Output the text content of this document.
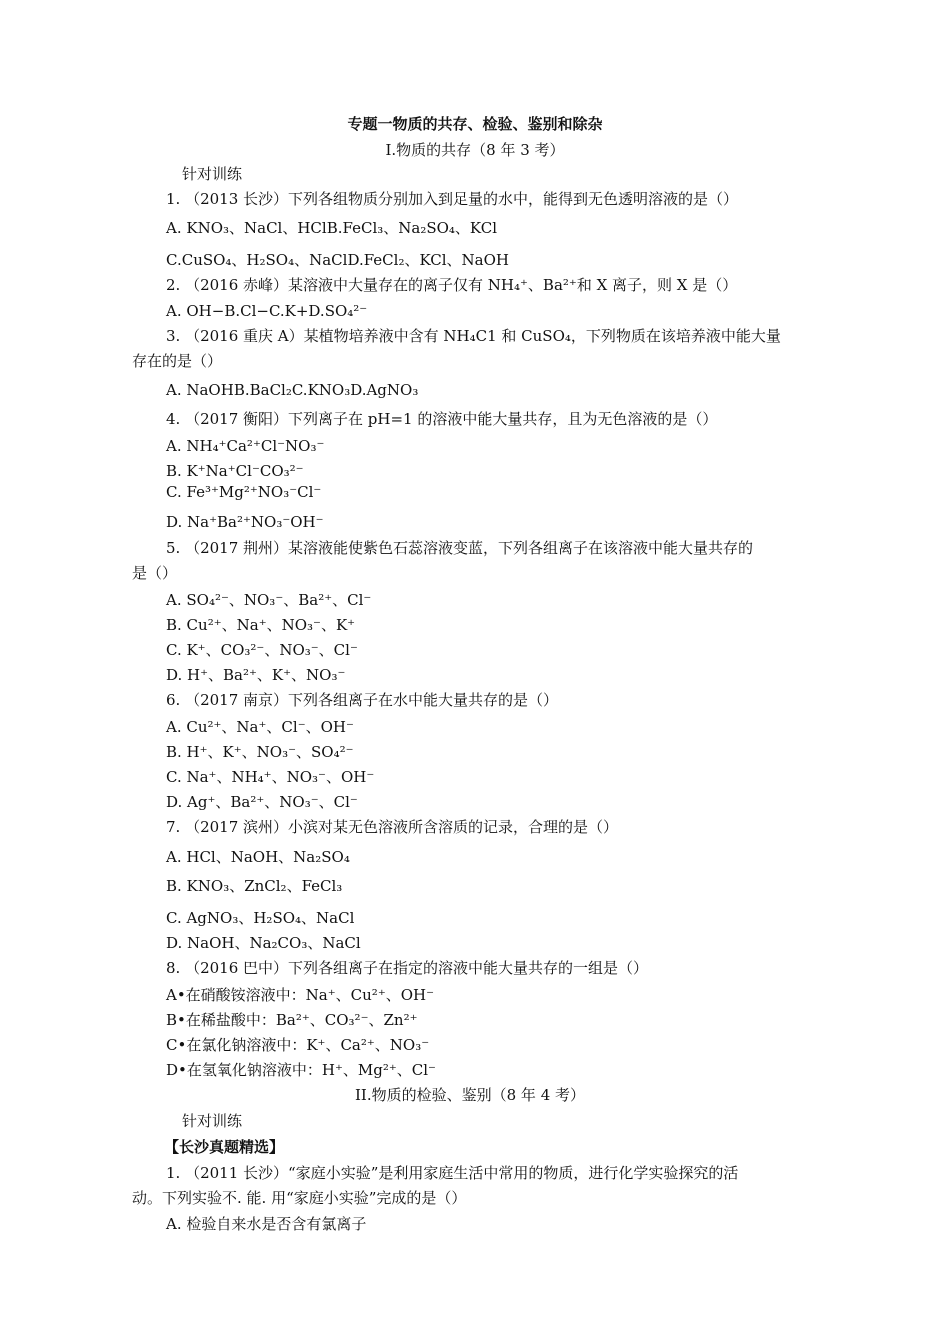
专题一物质的共存、检验、鉴别和除杂
I.物质的共存（8 年 3 考）
针对训练
1. （2013 长沙）下列各组物质分别加入到足量的水中，能得到无色透明溶液的是（）
A. KNO₃、NaCl、HClB.FeCl₃、Na₂SO₄、KCl
C.CuSO₄、H₂SO₄、NaClD.FeCl₂、KCl、NaOH
2. （2016 赤峰）某溶液中大量存在的离子仅有 NH₄⁺、Ba²⁺和 X 离子，则 X 是（）
A. OH−B.Cl−C.K+D.SO₄²⁻
3. （2016 重庆 A）某植物培养液中含有 NH₄C1 和 CuSO₄，下列物质在该培养液中能大量
存在的是（）
A. NaOHB.BaCl₂C.KNO₃D.AgNO₃
4. （2017 衡阳）下列离子在 pH=1 的溶液中能大量共存，且为无色溶液的是（）
A. NH₄⁺Ca²⁺Cl⁻NO₃⁻
B. K⁺Na⁺Cl⁻CO₃²⁻
C. Fe³⁺Mg²⁺NO₃⁻Cl⁻
D. Na⁺Ba²⁺NO₃⁻OH⁻
5. （2017 荆州）某溶液能使紫色石蕊溶液变蓝，下列各组离子在该溶液中能大量共存的
是（）
A. SO₄²⁻、NO₃⁻、Ba²⁺、Cl⁻
B. Cu²⁺、Na⁺、NO₃⁻、K⁺
C. K⁺、CO₃²⁻、NO₃⁻、Cl⁻
D. H⁺、Ba²⁺、K⁺、NO₃⁻
6. （2017 南京）下列各组离子在水中能大量共存的是（）
A. Cu²⁺、Na⁺、Cl⁻、OH⁻
B. H⁺、K⁺、NO₃⁻、SO₄²⁻
C. Na⁺、NH₄⁺、NO₃⁻、OH⁻
D. Ag⁺、Ba²⁺、NO₃⁻、Cl⁻
7. （2017 滨州）小滨对某无色溶液所含溶质的记录，合理的是（）
A. HCl、NaOH、Na₂SO₄
B. KNO₃、ZnCl₂、FeCl₃
C. AgNO₃、H₂SO₄、NaCl
D. NaOH、Na₂CO₃、NaCl
8. （2016 巴中）下列各组离子在指定的溶液中能大量共存的一组是（）
A•在硝酸铵溶液中：Na⁺、Cu²⁺、OH⁻
B•在稀盐酸中：Ba²⁺、CO₃²⁻、Zn²⁺
C•在氯化钠溶液中：K⁺、Ca²⁺、NO₃⁻
D•在氢氧化钠溶液中：H⁺、Mg²⁺、Cl⁻
II.物质的检验、鉴别（8 年 4 考）
针对训练
【长沙真题精选】
1. （2011 长沙）“家庭小实验”是利用家庭生活中常用的物质，进行化学实验探究的活
动。下列实验不. 能. 用“家庭小实验”完成的是（）
A. 检验自来水是否含有氯离子
